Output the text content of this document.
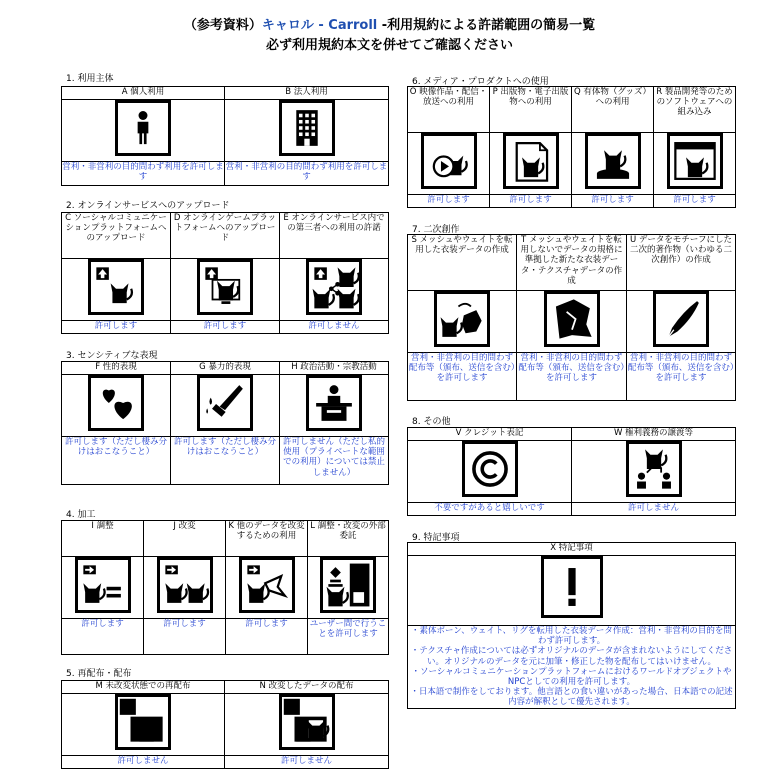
（参考資料）キャロル - Carroll -利用規約による許諾範囲の簡易一覧
必ず利用規約本文を併せてご確認ください
1. 利用主体
A 個人利用	B 法人利用

営利・非営利の目的問わず利用を許可します	営利・非営利の目的問わず利用を許可します
2. オンラインサービスへのアップロード
C ソーシャルコミュニケーションプラットフォームへのアップロード	D オンラインゲームプラットフォームへのアップロード	E オンラインサービス内での第三者への利用の許諾

許可します	許可します	許可しません
3. センシティブな表現
F 性的表現	G 暴力的表現	H 政治活動・宗教活動

許可します（ただし棲み分けはおこなうこと）	許可します（ただし棲み分けはおこなうこと）	許可しません（ただし私的使用（プライベートな範囲での利用）については禁止しません）
4. 加工
I 調整	J 改変	K 他のデータを改変するための利用	L 調整・改変の外部委託

許可します	許可します	許可します	ユーザー間で行うことを許可します
5. 再配布・配布
M 未改変状態での再配布	N 改変したデータの配布

許可しません	許可しません
6. メディア・プロダクトへの使用
O 映像作品・配信・放送への利用	P 出版物・電子出版物への利用	Q 有体物（グッズ）への利用	R 製品開発等のためのソフトウェアへの組み込み

許可します	許可します	許可します	許可します
7. 二次創作
S メッシュやウェイトを転用した衣装データの作成	T メッシュやウェイトを転用しないでデータの規格に準拠した新たな衣装データ・テクスチャデータの作成	U データをモチーフにした二次的著作物（いわゆる二次創作）の作成

営利・非営利の目的問わず配布等（頒布、送信を含む）を許可します	営利・非営利の目的問わず配布等（頒布、送信を含む）を許可します	営利・非営利の目的問わず配布等（頒布、送信を含む）を許可します
8. その他
V クレジット表記	W 権利義務の譲渡等

不要ですがあると嬉しいです	許可しません
9. 特記事項
X 特記事項

・素体ボーン、ウェイト、リグを転用した衣装データ作成：営利・非営利の目的を問わず許可します。
・テクスチャ作成については必ずオリジナルのデータが含まれないようにしてください。オリジナルのデータを元に加筆・修正した物を配布してはいけません。
・ソーシャルコミュニケーションプラットフォームにおけるワールドオブジェクトやNPCとしての利用を許可します。
・日本語で制作をしております。他言語との食い違いがあった場合、日本語での記述内容が解釈として優先されます。
